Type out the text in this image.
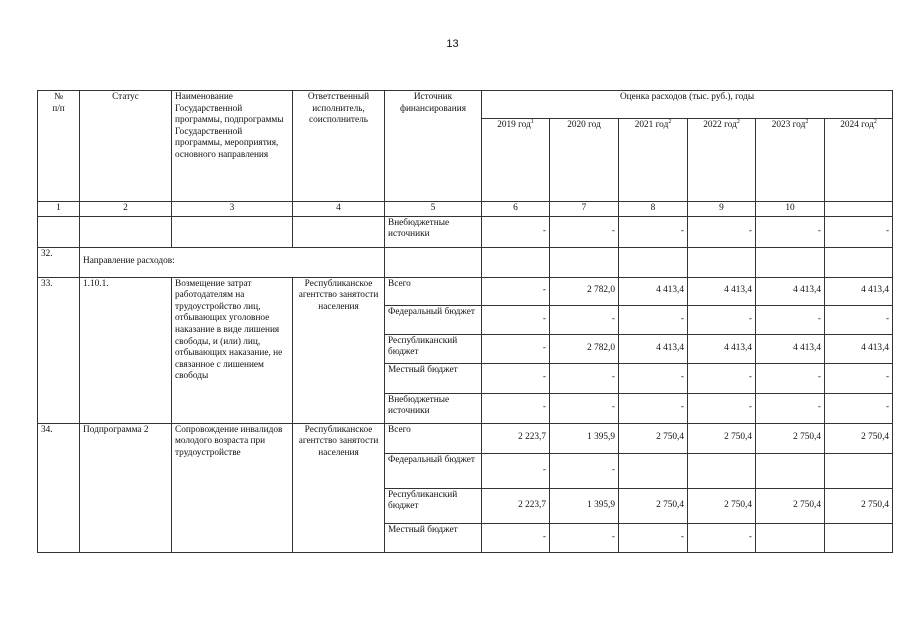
13
№
п/п	Статус	Наименование Государственной программы, подпрограммы Государственной программы, мероприятия, основного направления	Ответственный исполнитель, соисполнитель	Источник финансирования	Оценка расходов (тыс. руб.), годы					
					2019 год$^1$	2020 год	2021 год$^2$	2022 год$^2$	2023 год$^2$	2024 год$^2$
1	2	3	4	5	6	7	8	9	10	
				Внебюджетные источники	-	-	-	-	-	-
32.	Направление расходов:									
33.	1.10.1.	Возмещение затрат работодателям на трудоустройство лиц, отбывающих уголовное наказание в виде лишения свободы, и (или) лиц, отбывающих наказание, не связанное с лишением свободы	Республиканское агентство занятости населения	Всего	-	2 782,0	4 413,4	4 413,4	4 413,4	4 413,4
				Федеральный бюджет	-	-	-	-	-	-
				Республиканский бюджет	-	2 782,0	4 413,4	4 413,4	4 413,4	4 413,4
				Местный бюджет	-	-	-	-	-	-
				Внебюджетные источники	-	-	-	-	-	-
34.	Подпрограмма 2	Сопровождение инвалидов молодого возраста при трудоустройстве	Республиканское агентство занятости населения	Всего	2 223,7	1 395,9	2 750,4	2 750,4	2 750,4	2 750,4
				Федеральный бюджет	-	-				
				Республиканский бюджет	2 223,7	1 395,9	2 750,4	2 750,4	2 750,4	2 750,4
				Местный бюджет	-	-	-	-		
